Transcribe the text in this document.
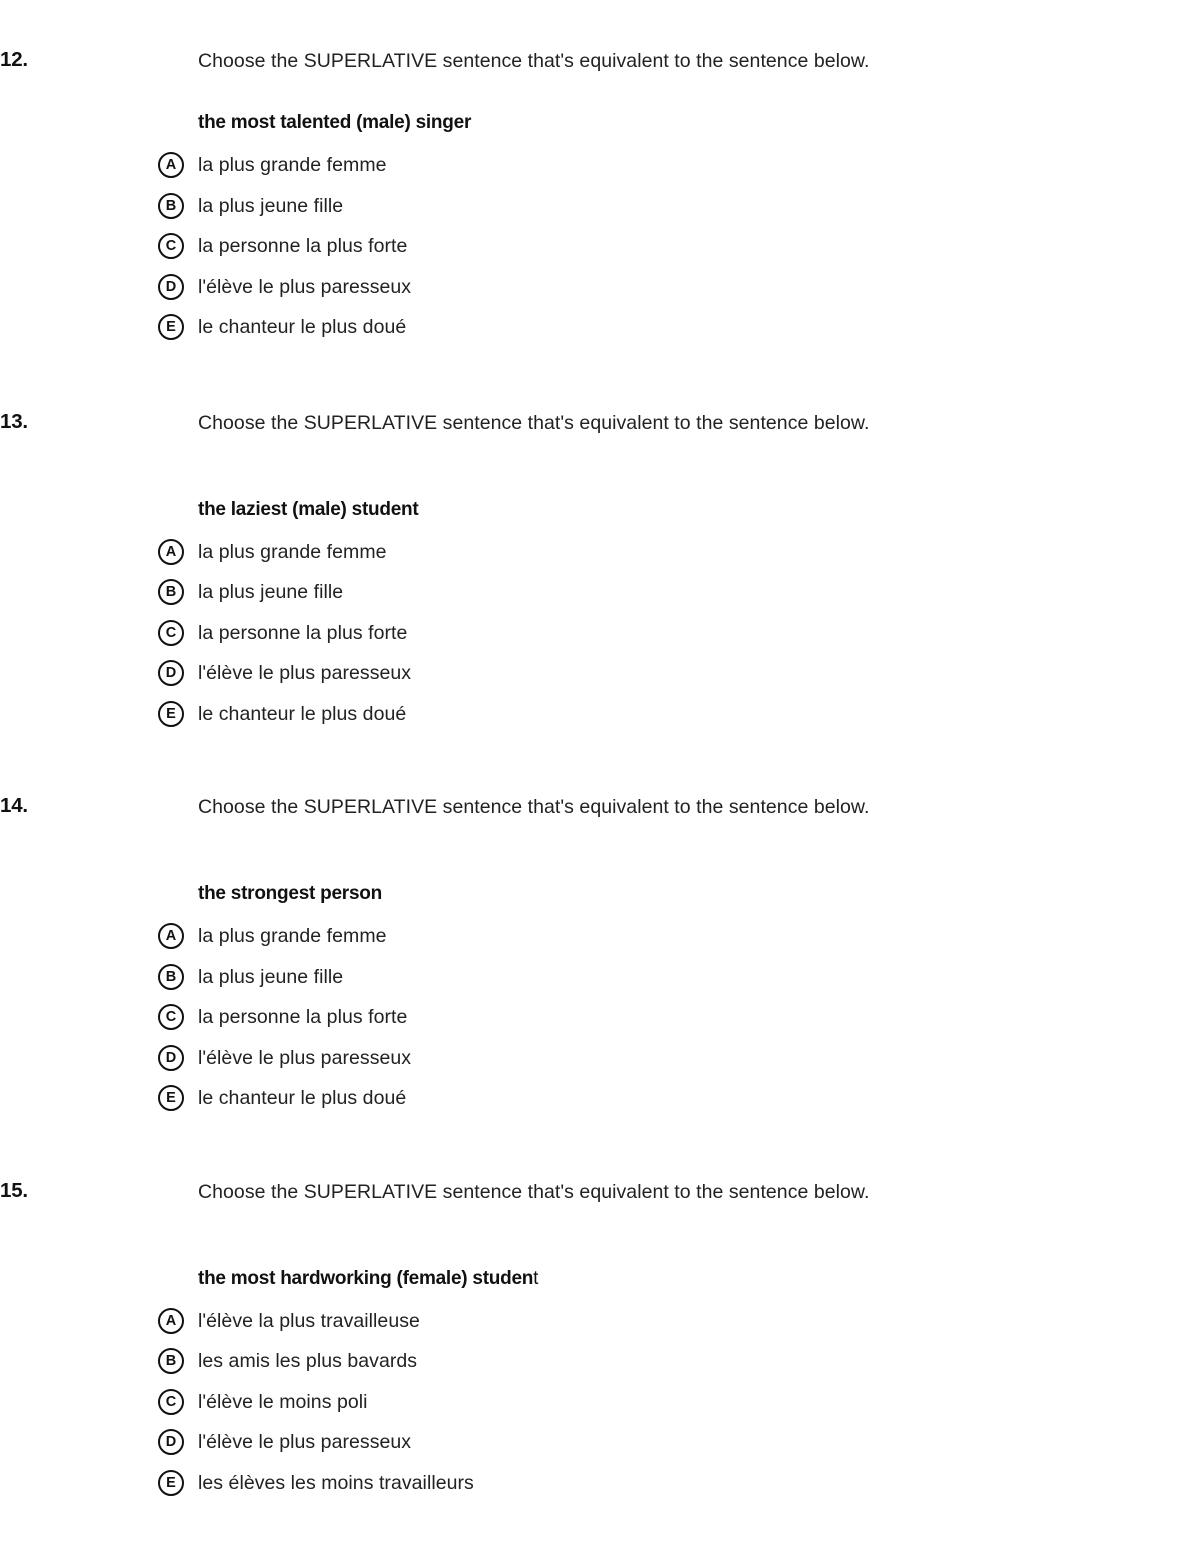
12.	Choose the SUPERLATIVE sentence that's equivalent to the sentence below.
the most talented (male) singer
A	la plus grande femme
B	la plus jeune fille
C	la personne la plus forte
D	l'élève le plus paresseux
E	le chanteur le plus doué
13.	Choose the SUPERLATIVE sentence that's equivalent to the sentence below.
the laziest (male) student
A	la plus grande femme
B	la plus jeune fille
C	la personne la plus forte
D	l'élève le plus paresseux
E	le chanteur le plus doué
14.	Choose the SUPERLATIVE sentence that's equivalent to the sentence below.
the strongest person
A	la plus grande femme
B	la plus jeune fille
C	la personne la plus forte
D	l'élève le plus paresseux
E	le chanteur le plus doué
15.	Choose the SUPERLATIVE sentence that's equivalent to the sentence below.
the most hardworking (female) student
A	l'élève la plus travailleuse
B	les amis les plus bavards
C	l'élève le moins poli
D	l'élève le plus paresseux
E	les élèves les moins travailleurs
